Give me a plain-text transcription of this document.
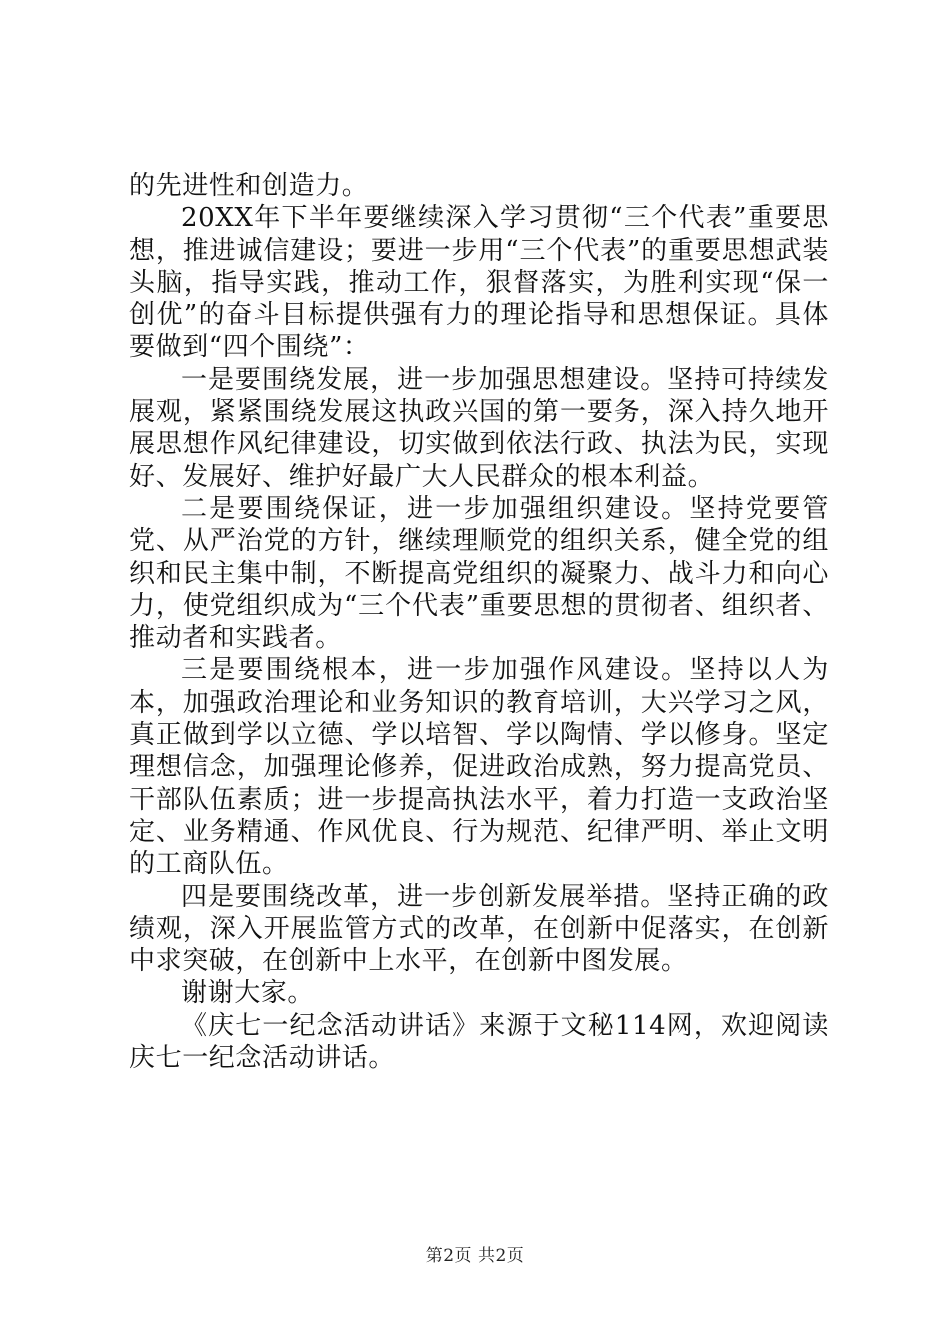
的先进性和创造力。

20XX年下半年要继续深入学习贯彻“三个代表”重要思想，推进诚信建设；要进一步用“三个代表”的重要思想武装头脑，指导实践，推动工作，狠督落实，为胜利实现“保一创优”的奋斗目标提供强有力的理论指导和思想保证。具体要做到“四个围绕”：

一是要围绕发展，进一步加强思想建设。坚持可持续发展观，紧紧围绕发展这执政兴国的第一要务，深入持久地开展思想作风纪律建设，切实做到依法行政、执法为民，实现好、发展好、维护好最广大人民群众的根本利益。

二是要围绕保证，进一步加强组织建设。坚持党要管党、从严治党的方针，继续理顺党的组织关系，健全党的组织和民主集中制，不断提高党组织的凝聚力、战斗力和向心力，使党组织成为“三个代表”重要思想的贯彻者、组织者、推动者和实践者。

三是要围绕根本，进一步加强作风建设。坚持以人为本，加强政治理论和业务知识的教育培训，大兴学习之风，真正做到学以立德、学以培智、学以陶情、学以修身。坚定理想信念，加强理论修养，促进政治成熟，努力提高党员、干部队伍素质；进一步提高执法水平，着力打造一支政治坚定、业务精通、作风优良、行为规范、纪律严明、举止文明的工商队伍。

四是要围绕改革，进一步创新发展举措。坚持正确的政绩观，深入开展监管方式的改革，在创新中促落实，在创新中求突破，在创新中上水平，在创新中图发展。

谢谢大家。

《庆七一纪念活动讲话》来源于文秘114网，欢迎阅读庆七一纪念活动讲话。

第2页 共2页
